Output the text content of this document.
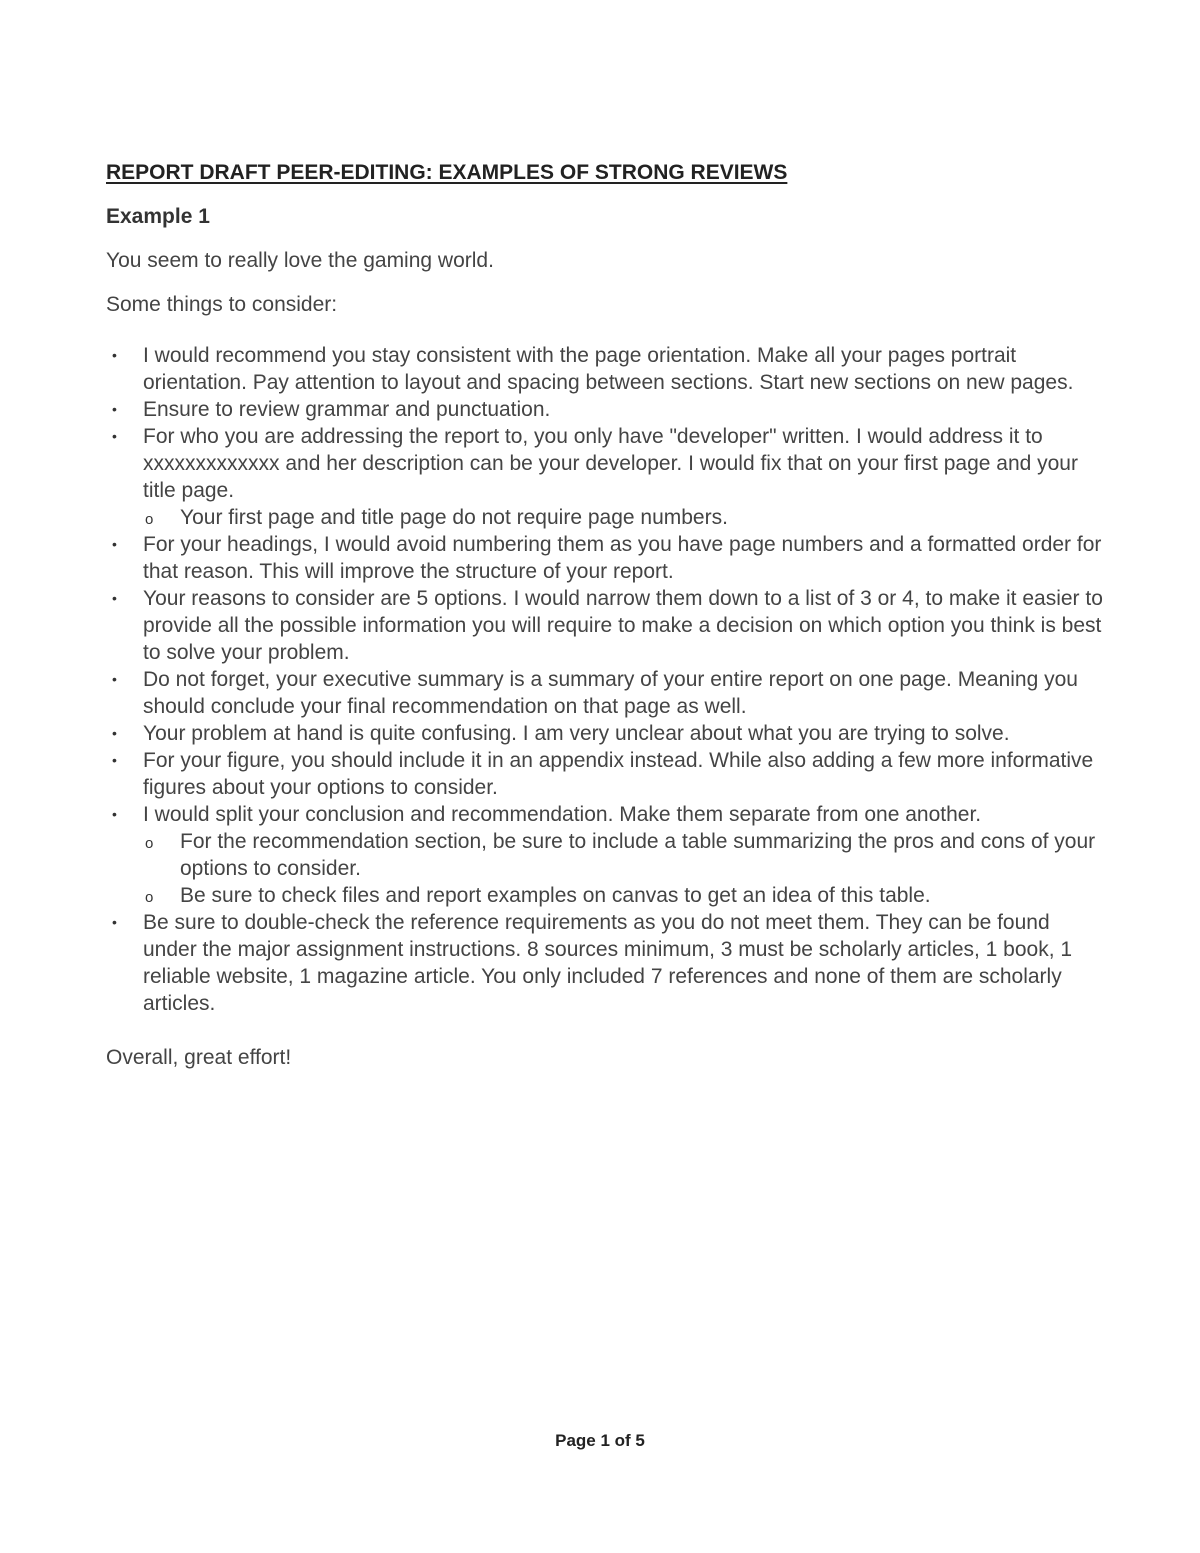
REPORT DRAFT PEER-EDITING: EXAMPLES OF STRONG REVIEWS
Example 1

You seem to really love the gaming world.

Some things to consider:

• I would recommend you stay consistent with the page orientation. Make all your pages portrait orientation. Pay attention to layout and spacing between sections. Start new sections on new pages.
• Ensure to review grammar and punctuation.
• For who you are addressing the report to, you only have "developer" written. I would address it to xxxxxxxxxxxxx and her description can be your developer. I would fix that on your first page and your title page.
o Your first page and title page do not require page numbers.
• For your headings, I would avoid numbering them as you have page numbers and a formatted order for that reason. This will improve the structure of your report.
• Your reasons to consider are 5 options. I would narrow them down to a list of 3 or 4, to make it easier to provide all the possible information you will require to make a decision on which option you think is best to solve your problem.
• Do not forget, your executive summary is a summary of your entire report on one page. Meaning you should conclude your final recommendation on that page as well.
• Your problem at hand is quite confusing. I am very unclear about what you are trying to solve.
• For your figure, you should include it in an appendix instead. While also adding a few more informative figures about your options to consider.
• I would split your conclusion and recommendation. Make them separate from one another.
o For the recommendation section, be sure to include a table summarizing the pros and cons of your options to consider.
o Be sure to check files and report examples on canvas to get an idea of this table.
• Be sure to double-check the reference requirements as you do not meet them. They can be found under the major assignment instructions. 8 sources minimum, 3 must be scholarly articles, 1 book, 1 reliable website, 1 magazine article. You only included 7 references and none of them are scholarly articles.

Overall, great effort!

Page 1 of 5
